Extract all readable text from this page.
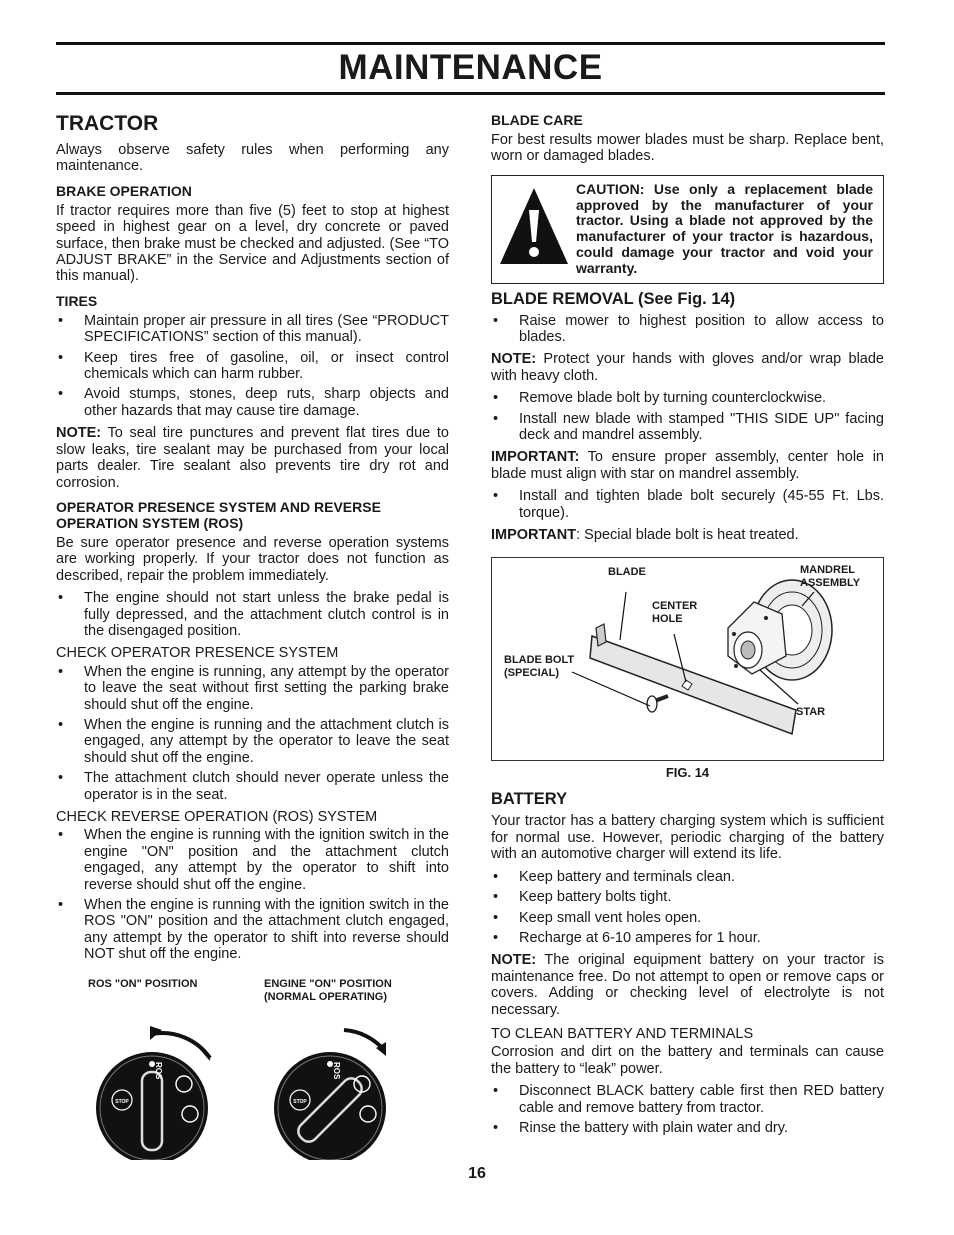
MAINTENANCE
TRACTOR

Always observe safety rules when performing any maintenance.

BRAKE OPERATION

If tractor requires more than five (5) feet to stop at highest speed in highest gear on a level, dry concrete or paved surface, then brake must be checked and adjusted. (See “TO ADJUST BRAKE” in the Service and Adjustments section of this manual).

TIRES
• Maintain proper air pressure in all tires (See “PRODUCT SPECIFICATIONS” section of this manual).
• Keep tires free of gasoline, oil, or insect control chemicals which can harm rubber.
• Avoid stumps, stones, deep ruts, sharp objects and other hazards that may cause tire damage.

NOTE: To seal tire punctures and prevent flat tires due to slow leaks, tire sealant may be purchased from your local parts dealer. Tire sealant also prevents tire dry rot and corrosion.

OPERATOR PRESENCE SYSTEM AND REVERSE OPERATION SYSTEM (ROS)

Be sure operator presence and reverse operation systems are working properly. If your tractor does not function as described, repair the problem immediately.

• The engine should not start unless the brake pedal is fully depressed, and the attachment clutch control is in the disengaged position.
CHECK OPERATOR PRESENCE SYSTEM
• When the engine is running, any attempt by the operator to leave the seat without first setting the parking brake should shut off the engine.
• When the engine is running and the attachment clutch is engaged, any attempt by the operator to leave the seat should shut off the engine.
• The attachment clutch should never operate unless the operator is in the seat.
CHECK REVERSE OPERATION (ROS) SYSTEM
• When the engine is running with the ignition switch in the engine "ON" position and the attachment clutch engaged, any attempt by the operator to shift into reverse should shut off the engine.
• When the engine is running with the ignition switch in the ROS "ON" position and the attachment clutch engaged, any attempt by the operator to shift into reverse should NOT shut off the engine.
ROS "ON" POSITION	ENGINE "ON" POSITION (NORMAL OPERATING)
STOP
ROS
STOP
ROS
BLADE CARE

For best results mower blades must be sharp. Replace bent, worn or damaged blades.

CAUTION: Use only a replacement blade approved by the manufacturer of your tractor. Using a blade not approved by the manufacturer of your tractor is hazardous, could damage your tractor and void your warranty.

BLADE REMOVAL (See Fig. 14)
• Raise mower to highest position to allow access to blades.

NOTE: Protect your hands with gloves and/or wrap blade with heavy cloth.

• Remove blade bolt by turning counterclockwise.
• Install new blade with stamped "THIS SIDE UP" facing deck and mandrel assembly.

IMPORTANT: To ensure proper assembly, center hole in blade must align with star on mandrel assembly.

• Install and tighten blade bolt securely (45-55 Ft. Lbs. torque).

IMPORTANT: Special blade bolt is heat treated.

BLADE	MANDREL ASSEMBLY
CENTER HOLE
BLADE BOLT (SPECIAL)
STAR
FIG. 14
BATTERY

Your tractor has a battery charging system which is sufficient for normal use. However, periodic charging of the battery with an automotive charger will extend its life.

• Keep battery and terminals clean.
• Keep battery bolts tight.
• Keep small vent holes open.
• Recharge at 6-10 amperes for 1 hour.

NOTE: The original equipment battery on your tractor is maintenance free. Do not attempt to open or remove caps or covers. Adding or checking level of electrolyte is not necessary.

TO CLEAN BATTERY AND TERMINALS

Corrosion and dirt on the battery and terminals can cause the battery to “leak” power.

• Disconnect BLACK battery cable first then RED battery cable and remove battery from tractor.
• Rinse the battery with plain water and dry.
16
